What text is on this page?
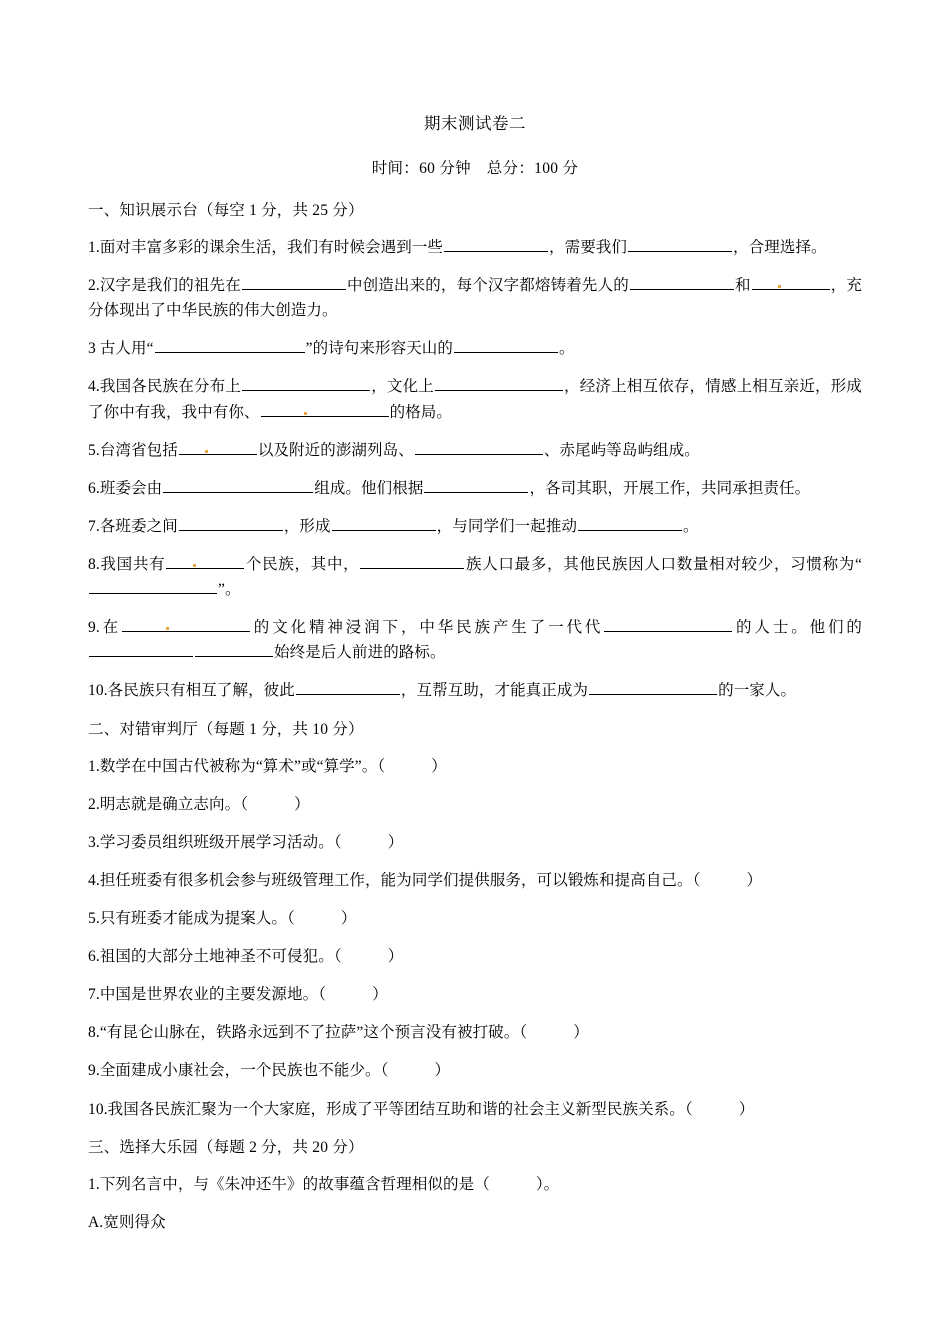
期末测试卷二
时间：60 分钟　总分：100 分
一、知识展示台（每空 1 分，共 25 分）
1.面对丰富多彩的课余生活，我们有时候会遇到一些	，需要我们	，合理选择。
2.汉字是我们的祖先在	中创造出来的，每个汉字都熔铸着先人的	和	，充分体现出了中华民族的伟大创造力。
3 古人用“	”的诗句来形容天山的	。
4.我国各民族在分布上	，文化上	，经济上相互依存，情感上相互亲近，形成了你中有我，我中有你、	的格局。
5.台湾省包括	以及附近的澎湖列岛、	、赤尾屿等岛屿组成。
6.班委会由	组成。他们根据	，各司其职，开展工作，共同承担责任。
7.各班委之间	，形成	，与同学们一起推动	。
8.我国共有	个民族，其中，	族人口最多，其他民族因人口数量相对较少，习惯称为“”。
9.在	的文化精神浸润下，中华民族产生了一代代	的人士。他们的始终是后人前进的路标。
10.各民族只有相互了解，彼此	，互帮互助，才能真正成为	的一家人。
二、对错审判厅（每题 1 分，共 10 分）
1.数学在中国古代被称为“算术”或“算学”。（　　	）
2.明志就是确立志向。（　　	）
3.学习委员组织班级开展学习活动。（　　	）
4.担任班委有很多机会参与班级管理工作，能为同学们提供服务，可以锻炼和提高自己。（　　	）
5.只有班委才能成为提案人。（　　	）
6.祖国的大部分土地神圣不可侵犯。（　　	）
7.中国是世界农业的主要发源地。（　　	）
8.“有昆仑山脉在，铁路永远到不了拉萨”这个预言没有被打破。（　　	）
9.全面建成小康社会，一个民族也不能少。（　　	）
10.我国各民族汇聚为一个大家庭，形成了平等团结互助和谐的社会主义新型民族关系。（　　	）
三、选择大乐园（每题 2 分，共 20 分）
1.下列名言中，与《朱冲还牛》的故事蕴含哲理相似的是（　　	）。
A.宽则得众
